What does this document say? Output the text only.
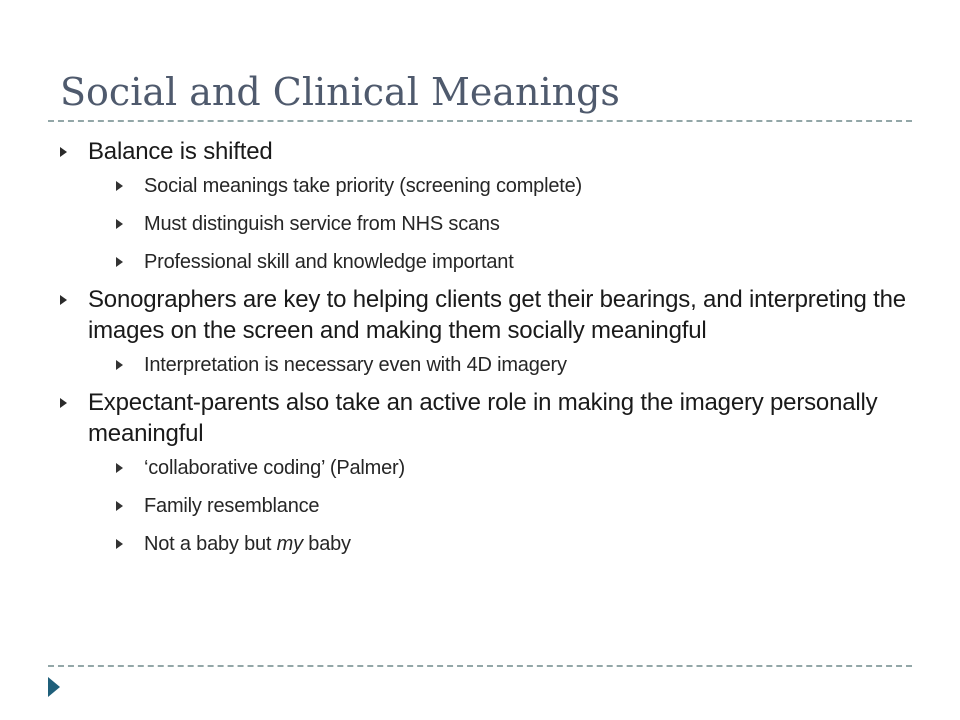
Social and Clinical Meanings
Balance is shifted
Social meanings take priority (screening complete)
Must distinguish service from NHS scans
Professional skill and knowledge important
Sonographers are key to helping clients get their bearings, and interpreting the images on the screen and making them socially meaningful
Interpretation is necessary even with 4D imagery
Expectant-parents also take an active role in making the imagery personally meaningful
‘collaborative coding’ (Palmer)
Family resemblance
Not a baby but my baby
